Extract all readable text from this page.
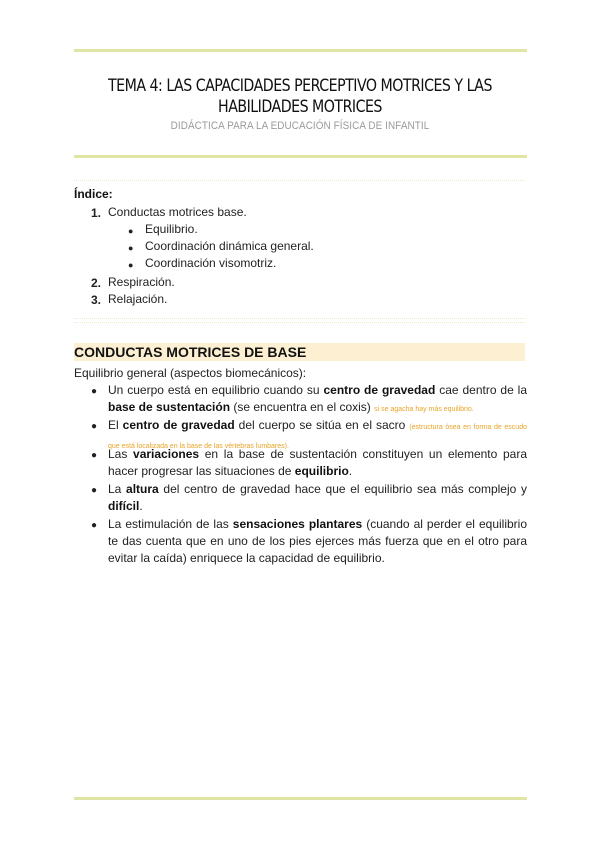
TEMA 4: LAS CAPACIDADES PERCEPTIVO MOTRICES Y LAS
HABILIDADES MOTRICES
DIDÁCTICA PARA LA EDUCACIÓN FÍSICA DE INFANTIL
Índice:
1. Conductas motrices base.
● Equilibrio.
● Coordinación dinámica general.
● Coordinación visomotriz.
2. Respiración.
3. Relajación.
CONDUCTAS MOTRICES DE BASE
Equilibrio general (aspectos biomecánicos):
● Un cuerpo está en equilibrio cuando su centro de gravedad cae dentro de la base de sustentación (se encuentra en el coxis) si se agacha hay más equilibrio.
● El centro de gravedad del cuerpo se sitúa en el sacro (estructura ósea en forma de escudo que está localizada en la base de las vértebras lumbares).
● Las variaciones en la base de sustentación constituyen un elemento para hacer progresar las situaciones de equilibrio.
● La altura del centro de gravedad hace que el equilibrio sea más complejo y difícil.
● La estimulación de las sensaciones plantares (cuando al perder el equilibrio te das cuenta que en uno de los pies ejerces más fuerza que en el otro para evitar la caída) enriquece la capacidad de equilibrio.
